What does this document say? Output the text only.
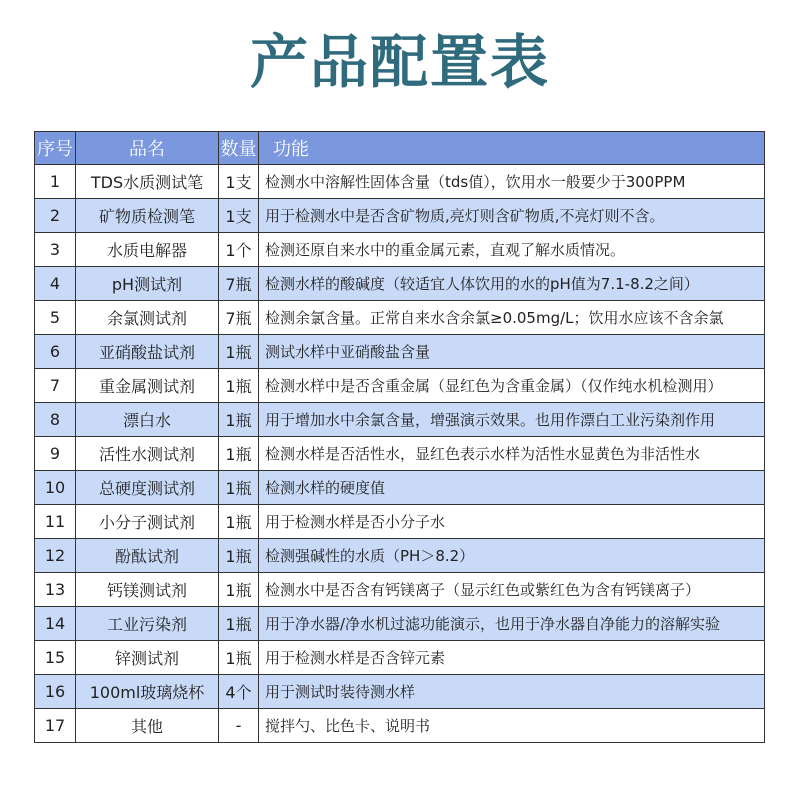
产品配置表
序号	品名	数量	功能
1	TDS水质测试笔	1支	检测水中溶解性固体含量（tds值），饮用水一般要少于300PPM
2	矿物质检测笔	1支	用于检测水中是否含矿物质,亮灯则含矿物质,不亮灯则不含。
3	水质电解器	1个	检测还原自来水中的重金属元素，直观了解水质情况。
4	pH测试剂	7瓶	检测水样的酸碱度（较适宜人体饮用的水的pH值为7.1-8.2之间）
5	余氯测试剂	7瓶	检测余氯含量。正常自来水含余氯≥0.05mg/L；饮用水应该不含余氯
6	亚硝酸盐试剂	1瓶	测试水样中亚硝酸盐含量
7	重金属测试剂	1瓶	检测水样中是否含重金属（显红色为含重金属）（仅作纯水机检测用）
8	漂白水	1瓶	用于增加水中余氯含量，增强演示效果。也用作漂白工业污染剂作用
9	活性水测试剂	1瓶	检测水样是否活性水，显红色表示水样为活性水显黄色为非活性水
10	总硬度测试剂	1瓶	检测水样的硬度值
11	小分子测试剂	1瓶	用于检测水样是否小分子水
12	酚酞试剂	1瓶	检测强碱性的水质（PH＞8.2）
13	钙镁测试剂	1瓶	检测水中是否含有钙镁离子（显示红色或紫红色为含有钙镁离子）
14	工业污染剂	1瓶	用于净水器/净水机过滤功能演示，也用于净水器自净能力的溶解实验
15	锌测试剂	1瓶	用于检测水样是否含锌元素
16	100ml玻璃烧杯	4个	用于测试时装待测水样
17	其他	-	搅拌勺、比色卡、说明书
